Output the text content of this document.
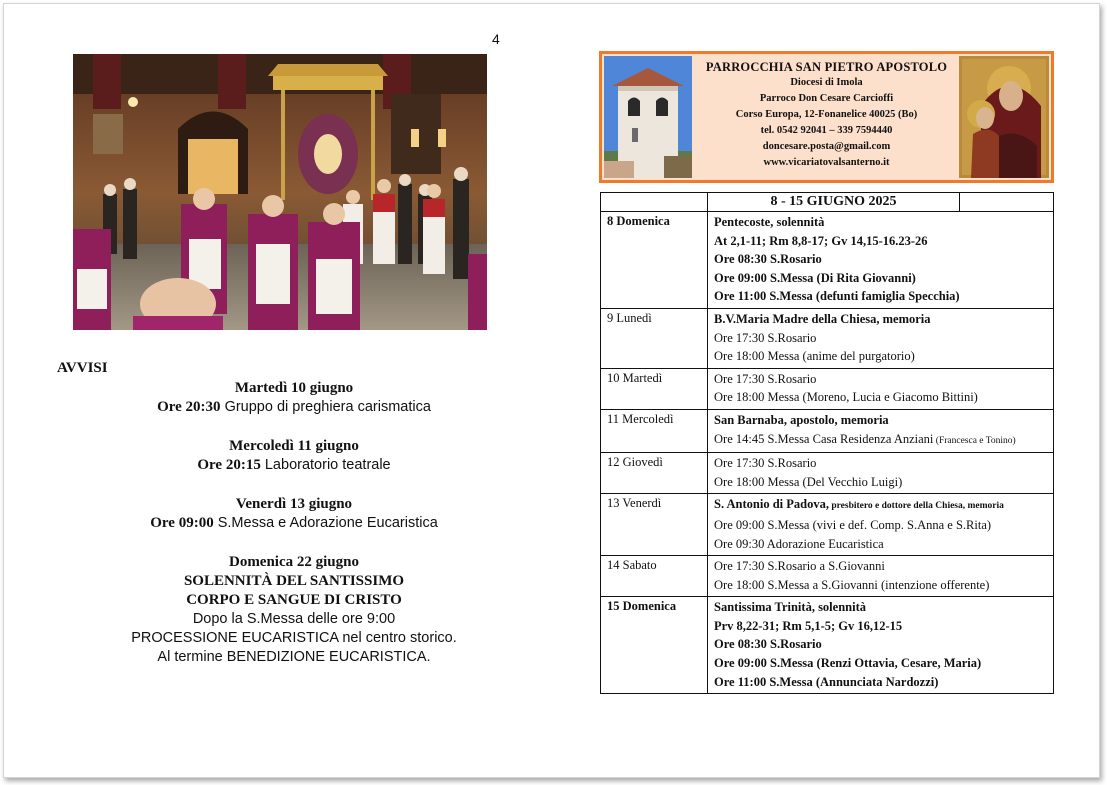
4
AVVISI
Martedì 10 giugno
Ore 20:30 Gruppo di preghiera carismatica
Mercoledì 11 giugno
Ore 20:15 Laboratorio teatrale
Venerdì 13 giugno
Ore 09:00 S.Messa e Adorazione Eucaristica
Domenica 22 giugno
SOLENNITÀ DEL SANTISSIMO
CORPO E SANGUE DI CRISTO
Dopo la S.Messa delle ore 9:00
PROCESSIONE EUCARISTICA nel centro storico.
Al termine BENEDIZIONE EUCARISTICA.
PARROCCHIA SAN PIETRO APOSTOLO
Diocesi di Imola
Parroco Don Cesare Carcioffi
Corso Europa, 12-Fonanelice 40025 (Bo)
tel. 0542 92041 – 339 7594440
doncesare.posta@gmail.com
www.vicariatovalsanterno.it
	8 - 15 GIUGNO 2025	
8 Domenica	Pentecoste, solennità
At 2,1-11; Rm 8,8-17; Gv 14,15-16.23-26
Ore 08:30 S.Rosario
Ore 09:00 S.Messa (Di Rita Giovanni)
Ore 11:00 S.Messa (defunti famiglia Specchia)	

9 Lunedì	B.V.Maria Madre della Chiesa, memoria
Ore 17:30 S.Rosario
Ore 18:00 Messa (anime del purgatorio)	

10 Martedì	Ore 17:30 S.Rosario
Ore 18:00 Messa (Moreno, Lucia e Giacomo Bittini)	

11 Mercoledì	San Barnaba, apostolo, memoria
Ore 14:45 S.Messa Casa Residenza Anziani (Francesca e Tonino)	

12 Giovedì	Ore 17:30 S.Rosario
Ore 18:00 Messa (Del Vecchio Luigi)	

13 Venerdì	S. Antonio di Padova, presbitero e dottore della Chiesa, memoria
Ore 09:00 S.Messa (vivi e def. Comp. S.Anna e S.Rita)
Ore 09:30 Adorazione Eucaristica	

14 Sabato	Ore 17:30 S.Rosario a S.Giovanni
Ore 18:00 S.Messa a S.Giovanni (intenzione offerente)	

15 Domenica	Santissima Trinità, solennità
Prv 8,22-31; Rm 5,1-5; Gv 16,12-15
Ore 08:30 S.Rosario
Ore 09:00 S.Messa (Renzi Ottavia, Cesare, Maria)
Ore 11:00 S.Messa (Annunciata Nardozzi)	
